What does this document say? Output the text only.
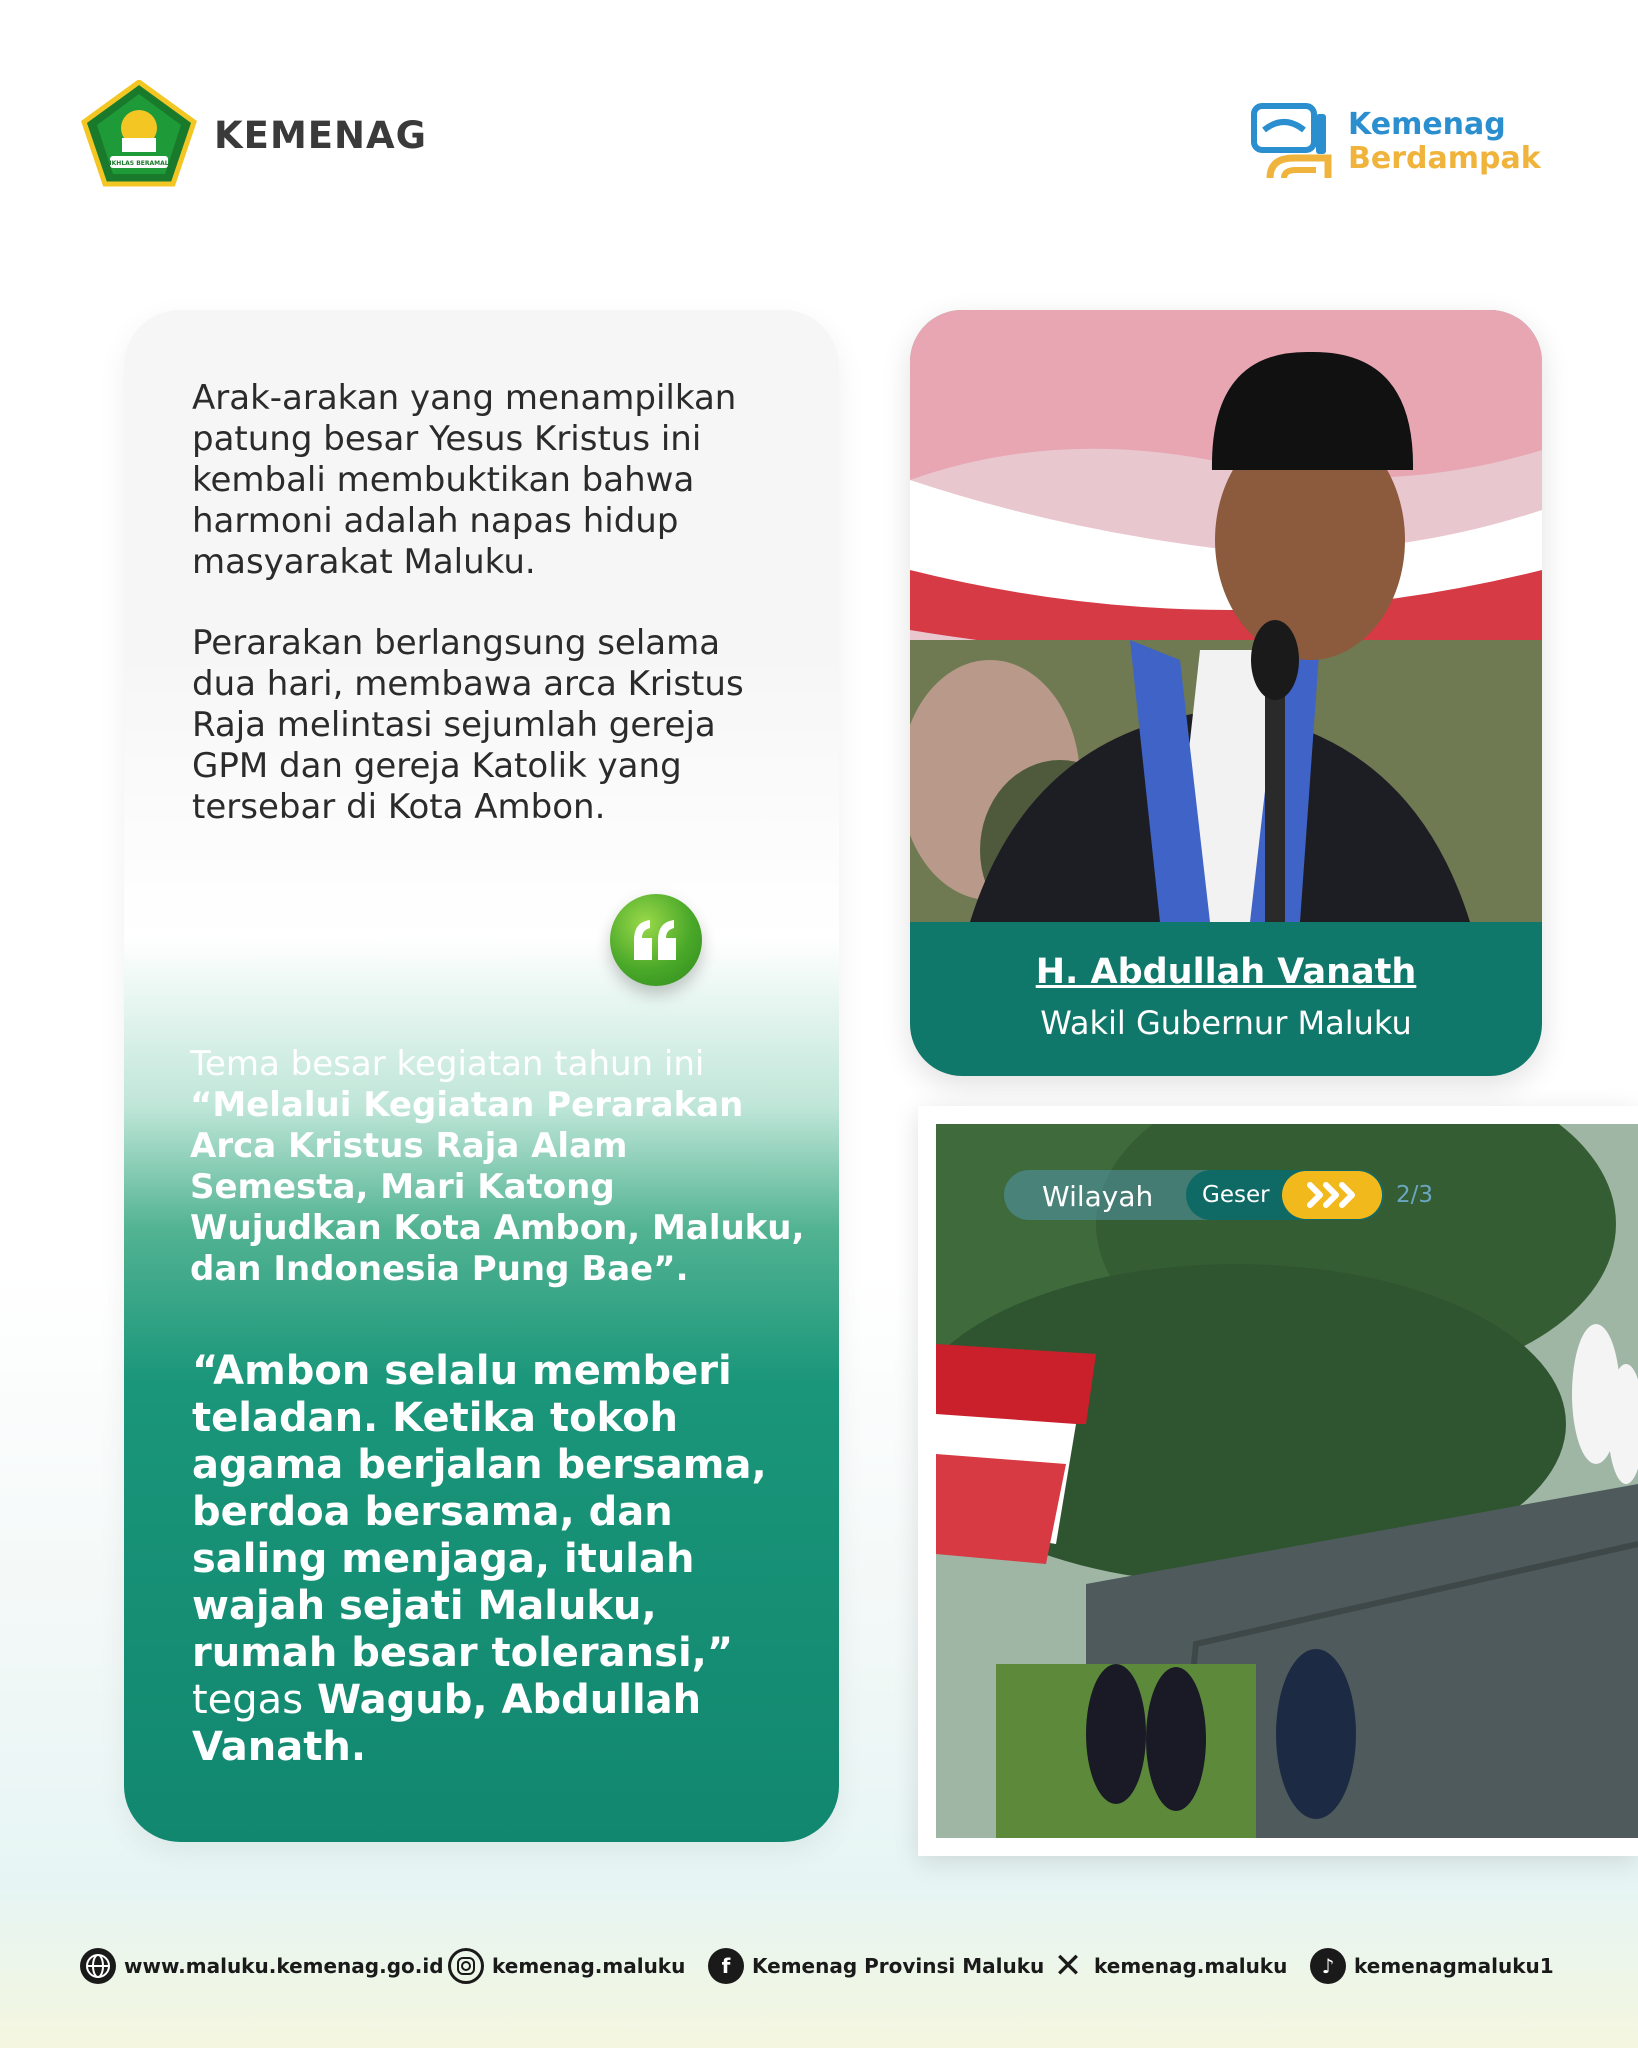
IKHLAS BERAMAL
KEMENAG	Kemenag
Berdampak

Arak-arakan yang menampilkan patung besar Yesus Kristus ini kembali membuktikan bahwa harmoni adalah napas hidup masyarakat Maluku.

Perarakan berlangsung selama dua hari, membawa arca Kristus Raja melintasi sejumlah gereja GPM dan gereja Katolik yang tersebar di Kota Ambon.

Tema besar kegiatan tahun ini
“Melalui Kegiatan Perarakan Arca Kristus Raja Alam Semesta, Mari Katong Wujudkan Kota Ambon, Maluku, dan Indonesia Pung Bae”.

“Ambon selalu memberi teladan. Ketika tokoh agama berjalan bersama, berdoa bersama, dan saling menjaga, itulah wajah sejati Maluku, rumah besar toleransi,” tegas Wagub, Abdullah Vanath.

H. Abdullah Vanath
Wakil Gubernur Maluku
Wilayah Geser	2/3
www.maluku.kemenag.go.id kemenag.maluku	f	Kemenag Provinsi Maluku ✕ kemenag.maluku	♪ kemenagmaluku1
